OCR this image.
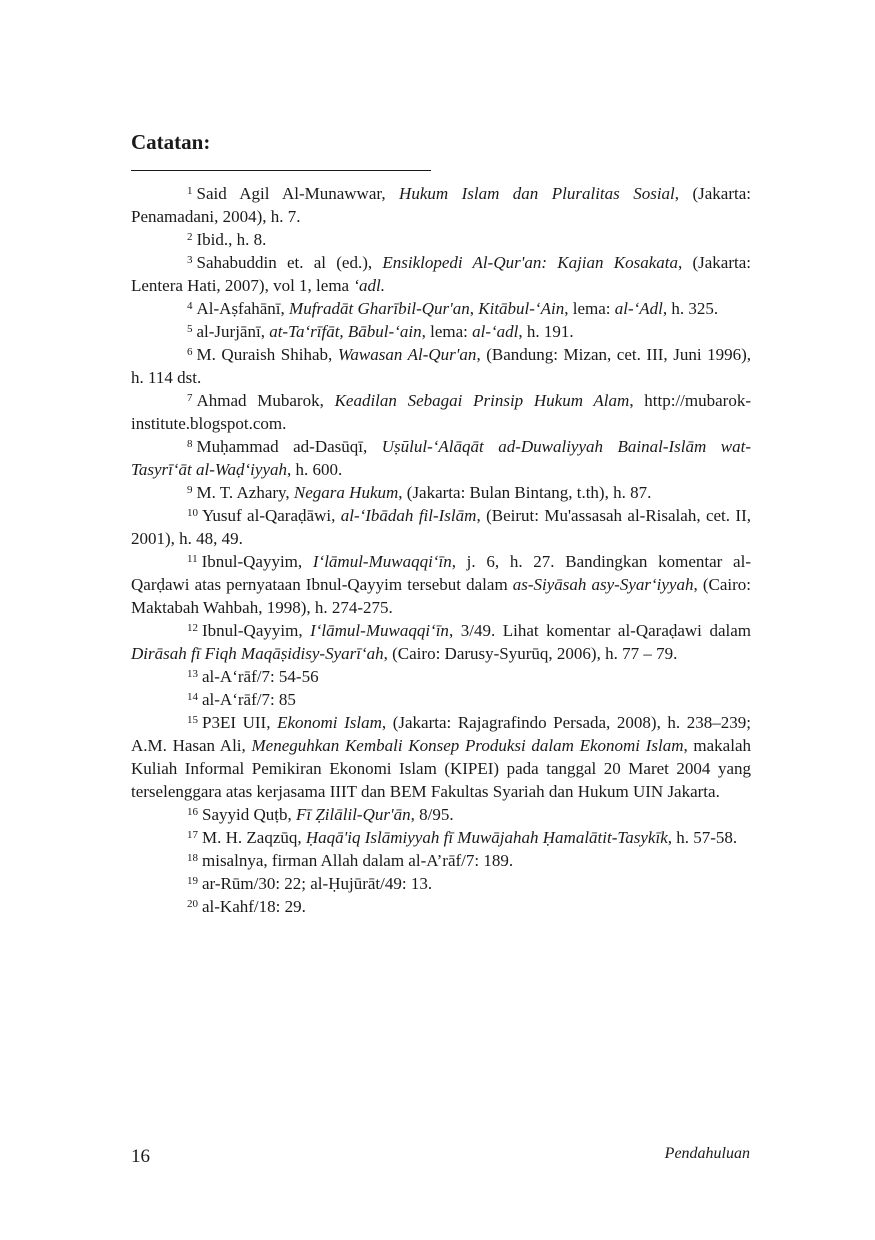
Catatan:

$^1$ Said Agil Al-Munawwar, Hukum Islam dan Pluralitas Sosial, (Jakarta: Penamadani, 2004), h. 7.

$^2$ Ibid., h. 8.

$^3$ Sahabuddin et. al (ed.), Ensiklopedi Al-Qur'an: Kajian Kosakata, (Jakarta: Lentera Hati, 2007), vol 1, lema ‘adl.

$^4$ Al-Aṣfahānī, Mufradāt Gharībil-Qur'an, Kitābul-‘Ain, lema: al-‘Adl, h. 325.

$^5$ al-Jurjānī, at-Ta‘rīfāt, Bābul-‘ain, lema: al-‘adl, h. 191.

$^6$ M. Quraish Shihab, Wawasan Al-Qur'an, (Bandung: Mizan, cet. III, Juni 1996), h. 114 dst.

$^7$ Ahmad Mubarok, Keadilan Sebagai Prinsip Hukum Alam, http://mubarok-institute.blogspot.com.

$^8$ Muḥammad ad-Dasūqī, Uṣūlul-‘Alāqāt ad-Duwaliyyah Bainal-Islām wat-Tasyrī‘āt al-Waḍ‘iyyah, h. 600.

$^9$ M. T. Azhary, Negara Hukum, (Jakarta: Bulan Bintang, t.th), h. 87.

$^{10}$ Yusuf al-Qaraḍāwi, al-‘Ibādah fil-Islām, (Beirut: Mu'assasah al-Risalah, cet. II, 2001), h. 48, 49.

$^{11}$ Ibnul-Qayyim, I‘lāmul-Muwaqqi‘īn, j. 6, h. 27. Bandingkan komentar al-Qarḍawi atas pernyataan Ibnul-Qayyim tersebut dalam as-Siyāsah asy-Syar‘iyyah, (Cairo: Maktabah Wahbah, 1998), h. 274-275.

$^{12}$ Ibnul-Qayyim, I‘lāmul-Muwaqqi‘īn, 3/49. Lihat komentar al-Qaraḍawi dalam Dirāsah fī Fiqh Maqāṣidisy-Syarī‘ah, (Cairo: Darusy-Syurūq, 2006), h. 77 – 79.

$^{13}$ al-A‘rāf/7: 54-56

$^{14}$ al-A‘rāf/7: 85

$^{15}$ P3EI UII, Ekonomi Islam, (Jakarta: Rajagrafindo Persada, 2008), h. 238–239; A.M. Hasan Ali, Meneguhkan Kembali Konsep Produksi dalam Ekonomi Islam, makalah Kuliah Informal Pemikiran Ekonomi Islam (KIPEI) pada tanggal 20 Maret 2004 yang terselenggara atas kerjasama IIIT dan BEM Fakultas Syariah dan Hukum UIN Jakarta.

$^{16}$ Sayyid Quṭb, Fī Ẓilālil-Qur'ān, 8/95.

$^{17}$ M. H. Zaqzūq, Ḥaqā'iq Islāmiyyah fī Muwājahah Ḥamalātit-Tasykīk, h. 57-58.

$^{18}$ misalnya, firman Allah dalam al-A’rāf/7: 189.

$^{19}$ ar-Rūm/30: 22; al-Ḥujūrāt/49: 13.

$^{20}$ al-Kahf/18: 29.

16	Pendahuluan
